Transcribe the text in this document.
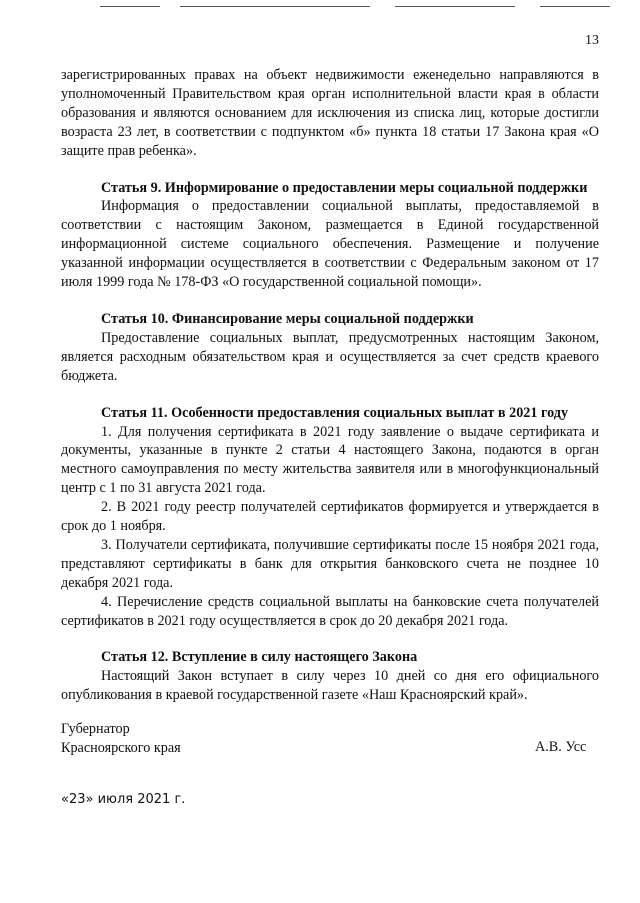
13

зарегистрированных правах на объект недвижимости еженедельно направляются в уполномоченный Правительством края орган исполнительной власти края в области образования и являются основанием для исключения из списка лиц, которые достигли возраста 23 лет, в соответствии с подпунктом «б» пункта 18 статьи 17 Закона края «О защите прав ребенка».

Статья 9. Информирование о предоставлении меры социальной поддержки

Информация о предоставлении социальной выплаты, предоставляемой в соответствии с настоящим Законом, размещается в Единой государственной информационной системе социального обеспечения. Размещение и получение указанной информации осуществляется в соответствии с Федеральным законом от 17 июля 1999 года № 178-ФЗ «О государственной социальной помощи».

Статья 10. Финансирование меры социальной поддержки

Предоставление социальных выплат, предусмотренных настоящим Законом, является расходным обязательством края и осуществляется за счет средств краевого бюджета.

Статья 11. Особенности предоставления социальных выплат в 2021 году

1. Для получения сертификата в 2021 году заявление о выдаче сертификата и документы, указанные в пункте 2 статьи 4 настоящего Закона, подаются в орган местного самоуправления по месту жительства заявителя или в многофункциональный центр с 1 по 31 августа 2021 года.

2. В 2021 году реестр получателей сертификатов формируется и утверждается в срок до 1 ноября.

3. Получатели сертификата, получившие сертификаты после 15 ноября 2021 года, представляют сертификаты в банк для открытия банковского счета не позднее 10 декабря 2021 года.

4. Перечисление средств социальной выплаты на банковские счета получателей сертификатов в 2021 году осуществляется в срок до 20 декабря 2021 года.

Статья 12. Вступление в силу настоящего Закона

Настоящий Закон вступает в силу через 10 дней со дня его официального опубликования в краевой государственной газете «Наш Красноярский край».

Губернатор
Красноярского края	А.В. Усс
«23» июля 2021 г.
